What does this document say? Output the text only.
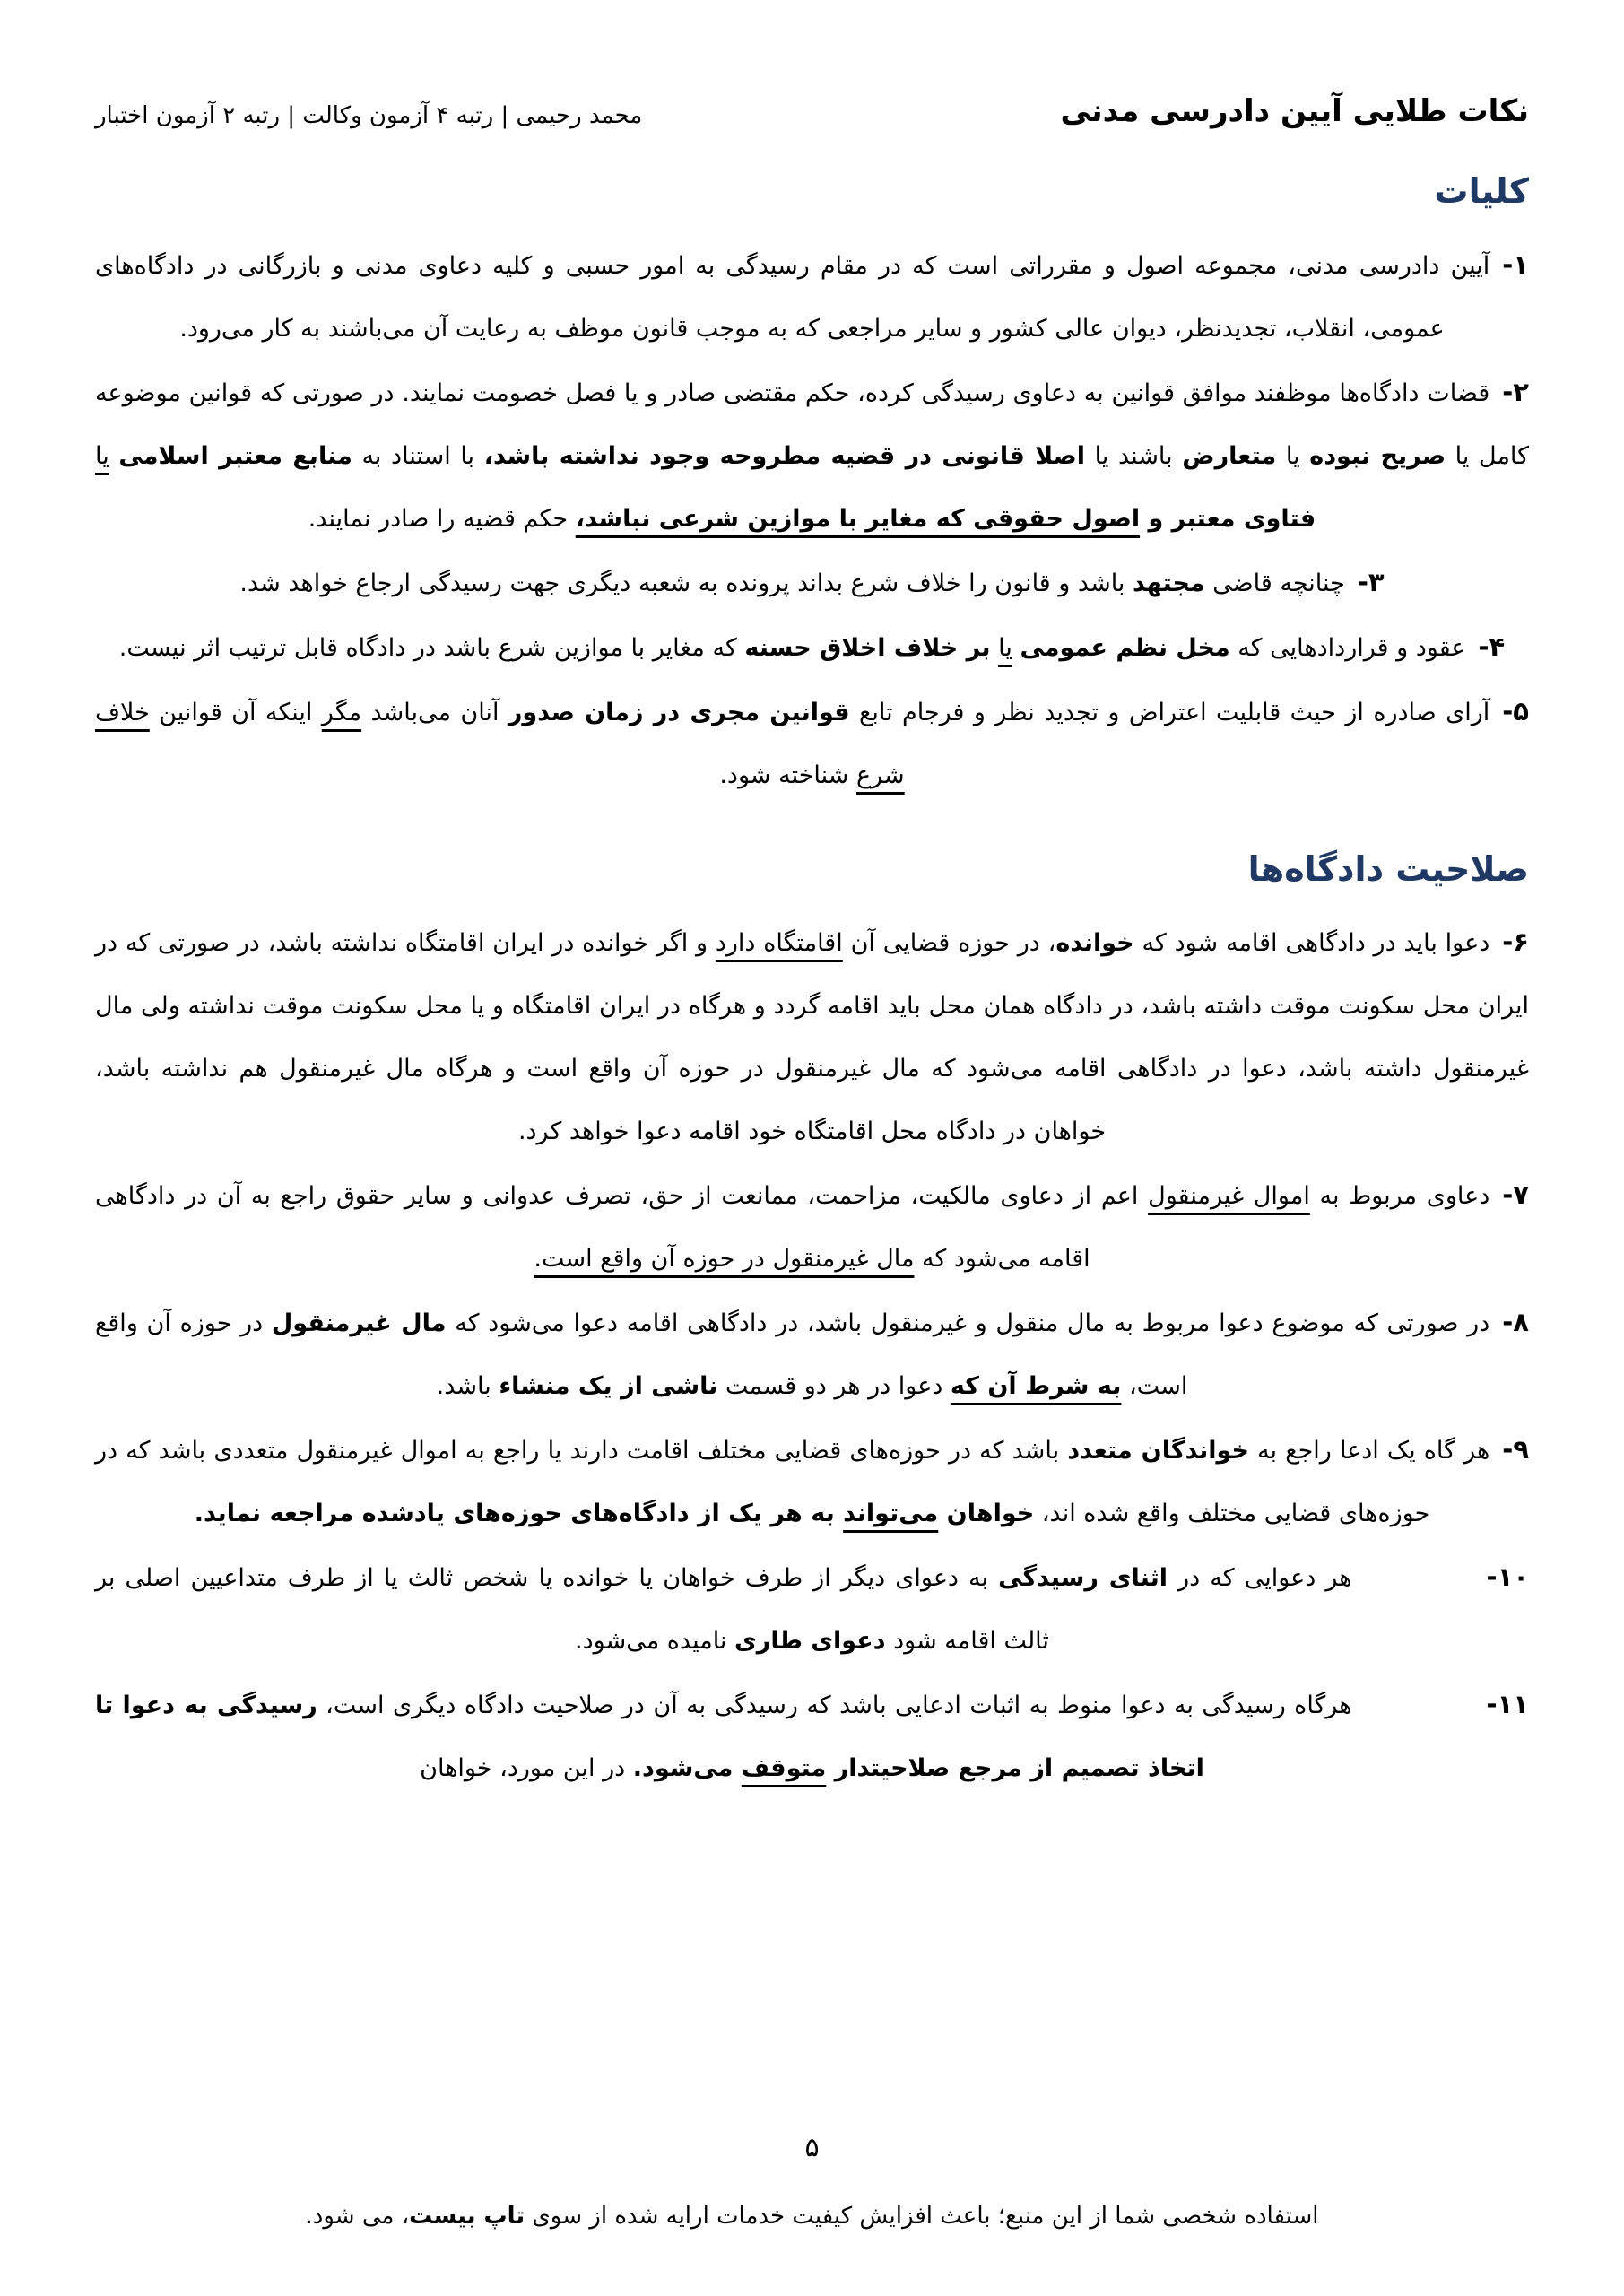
نکات طلایی آیین دادرسی مدنی
محمد رحیمی | رتبه ۴ آزمون وکالت | رتبه ۲ آزمون اختبار
کلیات

۱-آیین دادرسی مدنی، مجموعه اصول و مقرراتی است که در مقام رسیدگی به امور حسبی و کلیه دعاوی مدنی و بازرگانی در دادگاه‌های عمومی، انقلاب، تجدیدنظر، دیوان عالی کشور و سایر مراجعی که به موجب قانون موظف به رعایت آن می‌باشند به کار می‌رود.

۲-قضات دادگاه‌ها موظفند موافق قوانین به دعاوی رسیدگی کرده، حکم مقتضی صادر و یا فصل خصومت نمایند. در صورتی که قوانین موضوعه کامل یا صریح نبوده یا متعارض باشند یا اصلا قانونی در قضیه مطروحه وجود نداشته باشد، با استناد به منابع معتبر اسلامی یا فتاوی معتبر و اصول حقوقی که مغایر با موازین شرعی نباشد، حکم قضیه را صادر نمایند.

۳-چنانچه قاضی مجتهد باشد و قانون را خلاف شرع بداند پرونده به شعبه دیگری جهت رسیدگی ارجاع خواهد شد.

۴-عقود و قراردادهایی که مخل نظم عمومی یا بر خلاف اخلاق حسنه که مغایر با موازین شرع باشد در دادگاه قابل ترتیب اثر نیست.

۵-آرای صادره از حیث قابلیت اعتراض و تجدید نظر و فرجام تابع قوانین مجری در زمان صدور آنان می‌باشد مگر اینکه آن قوانین خلاف شرع شناخته شود.

صلاحیت دادگاه‌ها

۶-دعوا باید در دادگاهی اقامه شود که خوانده، در حوزه قضایی آن اقامتگاه دارد و اگر خوانده در ایران اقامتگاه نداشته باشد، در صورتی که در ایران محل سکونت موقت داشته باشد، در دادگاه همان محل باید اقامه گردد و هرگاه در ایران اقامتگاه و یا محل سکونت موقت نداشته ولی مال غیرمنقول داشته باشد، دعوا در دادگاهی اقامه می‌شود که مال غیرمنقول در حوزه آن واقع است و هرگاه مال غیرمنقول هم نداشته باشد، خواهان در دادگاه محل اقامتگاه خود اقامه دعوا خواهد کرد.

۷-دعاوی مربوط به اموال غیرمنقول اعم از دعاوی مالکیت، مزاحمت، ممانعت از حق، تصرف عدوانی و سایر حقوق راجع به آن در دادگاهی اقامه می‌شود که مال غیرمنقول در حوزه آن واقع است.

۸-در صورتی که موضوع دعوا مربوط به مال منقول و غیرمنقول باشد، در دادگاهی اقامه دعوا می‌شود که مال غیرمنقول در حوزه آن واقع است، به شرط آن که دعوا در هر دو قسمت ناشی از یک منشاء باشد.

۹-هر گاه یک ادعا راجع به خواندگان متعدد باشد که در حوزه‌های قضایی مختلف اقامت دارند یا راجع به اموال غیرمنقول متعددی باشد که در حوزه‌های قضایی مختلف واقع شده اند، خواهان می‌تواند به هر یک از دادگاه‌های حوزه‌های یادشده مراجعه نماید.

۱۰-هر دعوایی که در اثنای رسیدگی به دعوای دیگر از طرف خواهان یا خوانده یا شخص ثالث یا از طرف متداعیین اصلی بر ثالث اقامه شود دعوای طاری نامیده می‌شود.

۱۱-هرگاه رسیدگی به دعوا منوط به اثبات ادعایی باشد که رسیدگی به آن در صلاحیت دادگاه دیگری است، رسیدگی به دعوا تا اتخاذ تصمیم از مرجع صلاحیتدار متوقف می‌شود. در این مورد، خواهان

۵
استفاده شخصی شما از این منبع؛ باعث افزایش کیفیت خدمات ارایه شده از سوی تاپ بیست، می شود.
